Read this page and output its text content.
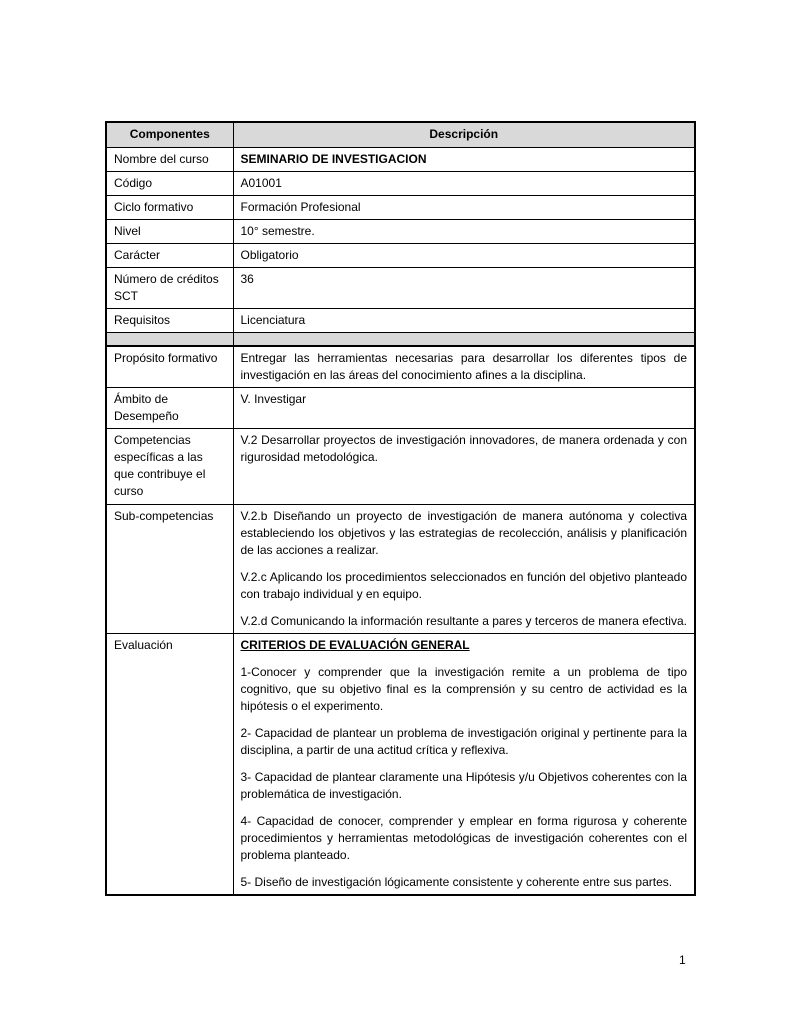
Componentes	Descripción
Nombre del curso	SEMINARIO DE INVESTIGACION
Código	A01001
Ciclo formativo	Formación Profesional
Nivel	10° semestre.
Carácter	Obligatorio
Número de créditos SCT	36
Requisitos	Licenciatura

Propósito formativo	Entregar las herramientas necesarias para desarrollar los diferentes tipos de investigación en las áreas del conocimiento afines a la disciplina.

Ámbito de Desempeño	V. Investigar
Competencias específicas a las que contribuye el curso	V.2 Desarrollar proyectos de investigación innovadores, de manera ordenada y con rigurosidad metodológica.

Sub-competencias	V.2.b Diseñando un proyecto de investigación de manera autónoma y colectiva estableciendo los objetivos y las estrategias de recolección, análisis y planificación de las acciones a realizar.

V.2.c Aplicando los procedimientos seleccionados en función del objetivo planteado con trabajo individual y en equipo.

V.2.d Comunicando la información resultante a pares y terceros de manera efectiva.

Evaluación	CRITERIOS DE EVALUACIÓN GENERAL

1-Conocer y comprender que la investigación remite a un problema de tipo cognitivo, que su objetivo final es la comprensión y su centro de actividad es la hipótesis o el experimento.

2- Capacidad de plantear un problema de investigación original y pertinente para la disciplina, a partir de una actitud crítica y reflexiva.

3- Capacidad de plantear claramente una Hipótesis y/u Objetivos coherentes con la problemática de investigación.

4- Capacidad de conocer, comprender y emplear en forma rigurosa y coherente procedimientos y herramientas metodológicas de investigación coherentes con el problema planteado.

5- Diseño de investigación lógicamente consistente y coherente entre sus partes.

1
